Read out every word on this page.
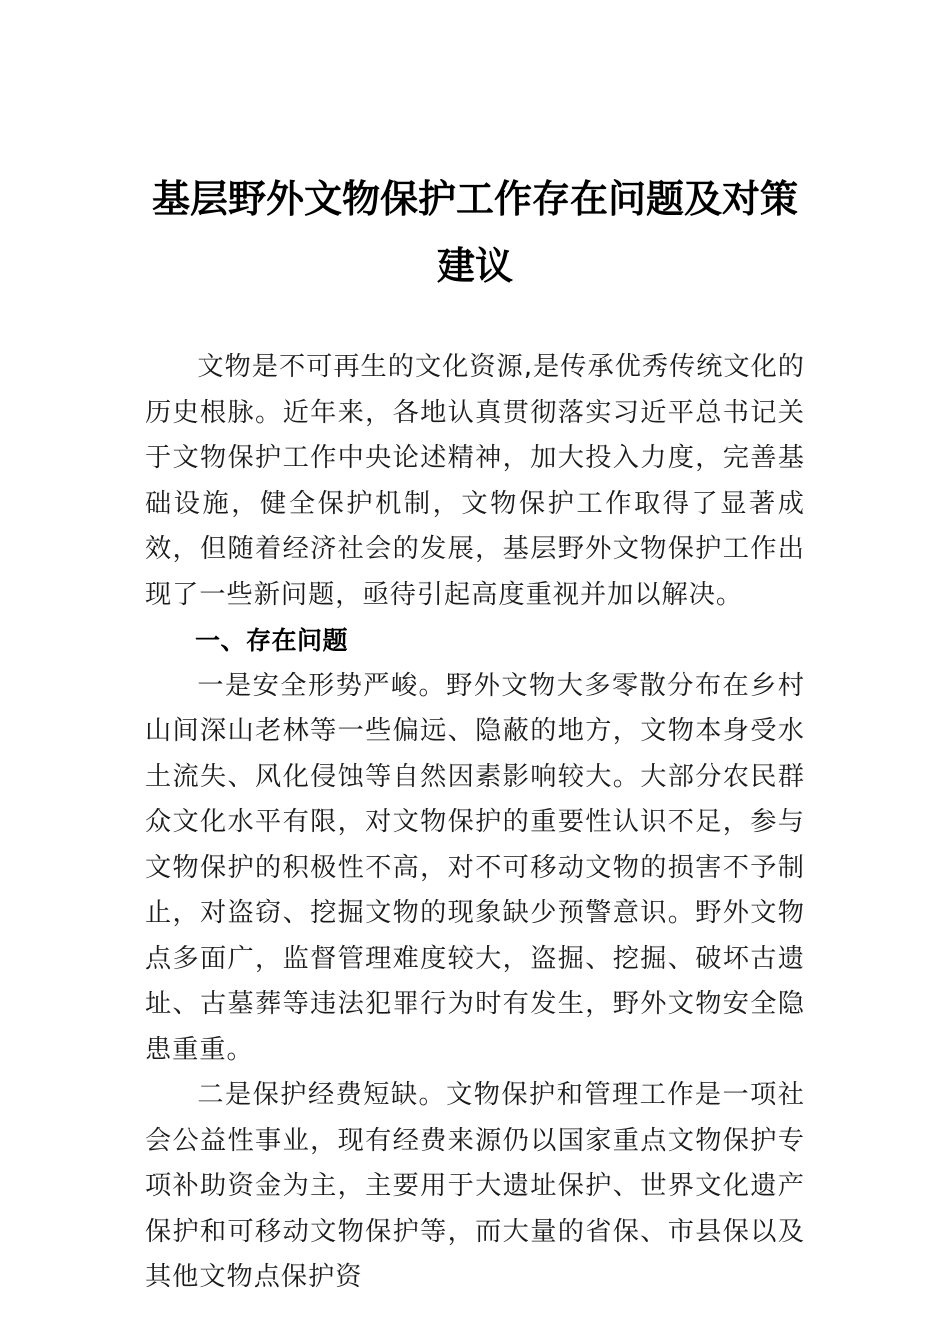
基层野外文物保护工作存在问题及对策建议

文物是不可再生的文化资源,是传承优秀传统文化的历史根脉。近年来，各地认真贯彻落实习近平总书记关于文物保护工作中央论述精神，加大投入力度，完善基础设施，健全保护机制，文物保护工作取得了显著成效，但随着经济社会的发展，基层野外文物保护工作出现了一些新问题，亟待引起高度重视并加以解决。

一、存在问题

一是安全形势严峻。野外文物大多零散分布在乡村山间深山老林等一些偏远、隐蔽的地方，文物本身受水土流失、风化侵蚀等自然因素影响较大。大部分农民群众文化水平有限，对文物保护的重要性认识不足，参与文物保护的积极性不高，对不可移动文物的损害不予制止，对盗窃、挖掘文物的现象缺少预警意识。野外文物点多面广，监督管理难度较大，盗掘、挖掘、破坏古遗址、古墓葬等违法犯罪行为时有发生，野外文物安全隐患重重。

二是保护经费短缺。文物保护和管理工作是一项社会公益性事业，现有经费来源仍以国家重点文物保护专项补助资金为主，主要用于大遗址保护、世界文化遗产保护和可移动文物保护等，而大量的省保、市县保以及其他文物点保护资
